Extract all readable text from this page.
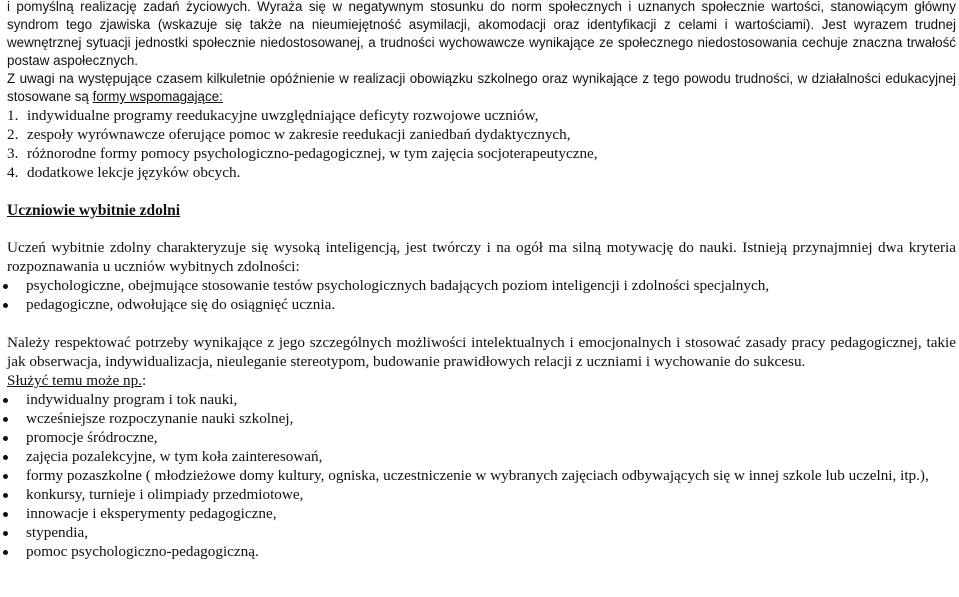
i pomyślną realizację zadań życiowych. Wyraża się w negatywnym stosunku do norm społecznych i uznanych społecznie wartości, stanowiącym główny syndrom tego zjawiska (wskazuje się także na nieumiejętność asymilacji, akomodacji oraz identyfikacji z celami i wartościami). Jest wyrazem trudnej wewnętrznej sytuacji jednostki społecznie niedostosowanej, a trudności wychowawcze wynikające ze społecznego niedostosowania cechuje znaczna trwałość postaw aspołecznych.

Z uwagi na występujące czasem kilkuletnie opóźnienie w realizacji obowiązku szkolnego oraz wynikające z tego powodu trudności, w działalności edukacyjnej stosowane są formy wspomagające:

1. indywidualne programy reedukacyjne uwzględniające deficyty rozwojowe uczniów,
2. zespoły wyrównawcze oferujące pomoc w zakresie reedukacji zaniedbań dydaktycznych,
3. różnorodne formy pomocy psychologiczno-pedagogicznej, w tym zajęcia socjoterapeutyczne,
4. dodatkowe lekcje języków obcych.

Uczniowie wybitnie zdolni

Uczeń wybitnie zdolny charakteryzuje się wysoką inteligencją, jest twórczy i na ogół ma silną motywację do nauki. Istnieją przynajmniej dwa kryteria rozpoznawania u uczniów wybitnych zdolności:

psychologiczne, obejmujące stosowanie testów psychologicznych badających poziom inteligencji i zdolności specjalnych,
pedagogiczne, odwołujące się do osiągnięć ucznia.

Należy respektować potrzeby wynikające z jego szczególnych możliwości intelektualnych i emocjonalnych i stosować zasady pracy pedagogicznej, takie jak obserwacja, indywidualizacja, nieuleganie stereotypom, budowanie prawidłowych relacji z uczniami i wychowanie do sukcesu.

Służyć temu może np.:

indywidualny program i tok nauki,
wcześniejsze rozpoczynanie nauki szkolnej,
promocje śródroczne,
zajęcia pozalekcyjne, w tym koła zainteresowań,
formy pozaszkolne ( młodzieżowe domy kultury, ogniska, uczestniczenie w wybranych zajęciach odbywających się w innej szkole lub uczelni, itp.),
konkursy, turnieje i olimpiady przedmiotowe,
innowacje i eksperymenty pedagogiczne,
stypendia,
pomoc psychologiczno-pedagogiczną.
